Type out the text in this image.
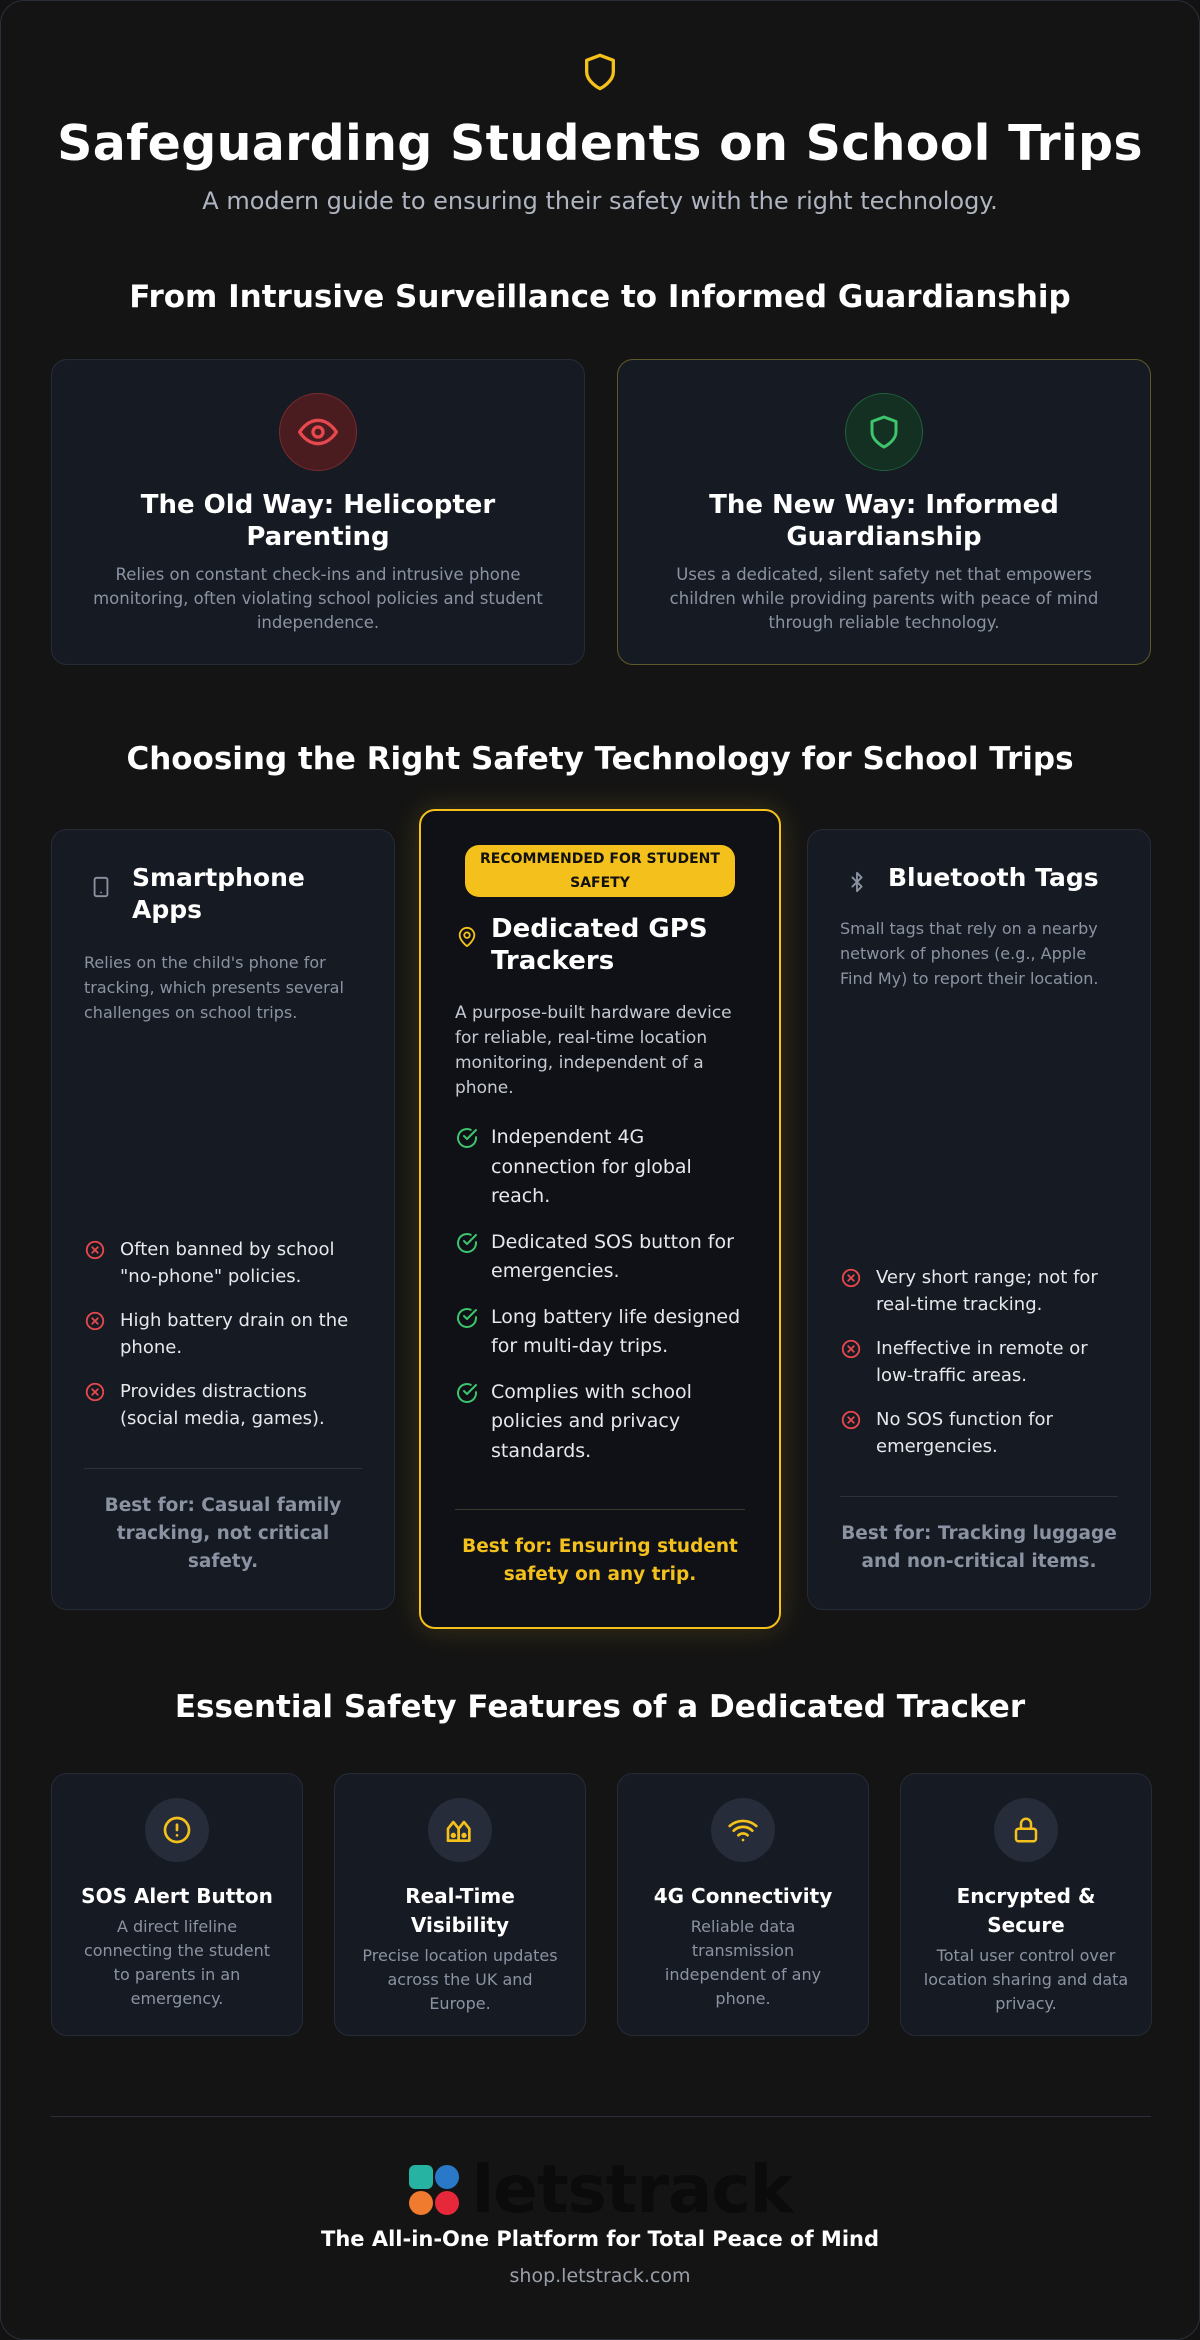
Safeguarding Students on School Trips
A modern guide to ensuring their safety with the right technology.
From Intrusive Surveillance to Informed Guardianship
The Old Way: Helicopter Parenting
Relies on constant check-ins and intrusive phone monitoring, often violating school policies and student independence.
The New Way: Informed Guardianship
Uses a dedicated, silent safety net that empowers children while providing parents with peace of mind through reliable technology.
Choosing the Right Safety Technology for School Trips
Smartphone Apps
Relies on the child's phone for tracking, which presents several challenges on school trips.
Often banned by school "no-phone" policies.
High battery drain on the phone.
Provides distractions (social media, games).
Best for: Casual family tracking, not critical safety.
RECOMMENDED FOR STUDENT SAFETY
Dedicated GPS Trackers
A purpose-built hardware device for reliable, real-time location monitoring, independent of a phone.
Independent 4G connection for global reach.
Dedicated SOS button for emergencies.
Long battery life designed for multi-day trips.
Complies with school policies and privacy standards.
Best for: Ensuring student safety on any trip.
Bluetooth Tags
Small tags that rely on a nearby network of phones (e.g., Apple Find My) to report their location.
Very short range; not for real-time tracking.
Ineffective in remote or low-traffic areas.
No SOS function for emergencies.
Best for: Tracking luggage and non-critical items.
Essential Safety Features of a Dedicated Tracker
SOS Alert Button
A direct lifeline connecting the student to parents in an emergency.
Real-Time Visibility
Precise location updates across the UK and Europe.
4G Connectivity
Reliable data transmission independent of any phone.
Encrypted & Secure
Total user control over location sharing and data privacy.
letstrack
The All-in-One Platform for Total Peace of Mind
shop.letstrack.com
